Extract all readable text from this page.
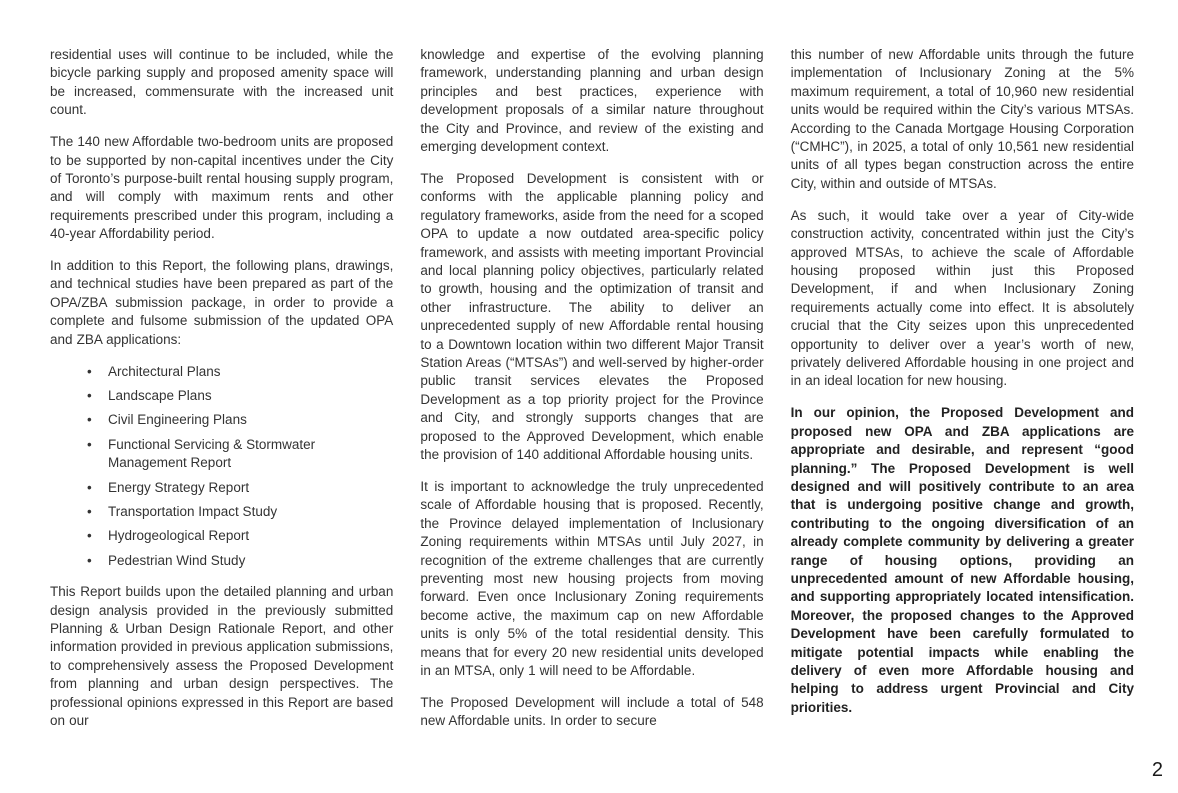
residential uses will continue to be included, while the bicycle parking supply and proposed amenity space will be increased, commensurate with the increased unit count.

The 140 new Affordable two-bedroom units are proposed to be supported by non-capital incentives under the City of Toronto’s purpose-built rental housing supply program, and will comply with maximum rents and other requirements prescribed under this program, including a 40-year Affordability period.

In addition to this Report, the following plans, drawings, and technical studies have been prepared as part of the OPA/ZBA submission package, in order to provide a complete and fulsome submission of the updated OPA and ZBA applications:

• Architectural Plans
• Landscape Plans
• Civil Engineering Plans
• Functional Servicing & Stormwater Management Report
• Energy Strategy Report
• Transportation Impact Study
• Hydrogeological Report
• Pedestrian Wind Study

This Report builds upon the detailed planning and urban design analysis provided in the previously submitted Planning & Urban Design Rationale Report, and other information provided in previous application submissions, to comprehensively assess the Proposed Development from planning and urban design perspectives. The professional opinions expressed in this Report are based on our

knowledge and expertise of the evolving planning framework, understanding planning and urban design principles and best practices, experience with development proposals of a similar nature throughout the City and Province, and review of the existing and emerging development context.

The Proposed Development is consistent with or conforms with the applicable planning policy and regulatory frameworks, aside from the need for a scoped OPA to update a now outdated area-specific policy framework, and assists with meeting important Provincial and local planning policy objectives, particularly related to growth, housing and the optimization of transit and other infrastructure. The ability to deliver an unprecedented supply of new Affordable rental housing to a Downtown location within two different Major Transit Station Areas (“MTSAs”) and well-served by higher-order public transit services elevates the Proposed Development as a top priority project for the Province and City, and strongly supports changes that are proposed to the Approved Development, which enable the provision of 140 additional Affordable housing units.

It is important to acknowledge the truly unprecedented scale of Affordable housing that is proposed. Recently, the Province delayed implementation of Inclusionary Zoning requirements within MTSAs until July 2027, in recognition of the extreme challenges that are currently preventing most new housing projects from moving forward. Even once Inclusionary Zoning requirements become active, the maximum cap on new Affordable units is only 5% of the total residential density. This means that for every 20 new residential units developed in an MTSA, only 1 will need to be Affordable.

The Proposed Development will include a total of 548 new Affordable units. In order to secure

this number of new Affordable units through the future implementation of Inclusionary Zoning at the 5% maximum requirement, a total of 10,960 new residential units would be required within the City’s various MTSAs. According to the Canada Mortgage Housing Corporation (“CMHC”), in 2025, a total of only 10,561 new residential units of all types began construction across the entire City, within and outside of MTSAs.

As such, it would take over a year of City-wide construction activity, concentrated within just the City’s approved MTSAs, to achieve the scale of Affordable housing proposed within just this Proposed Development, if and when Inclusionary Zoning requirements actually come into effect. It is absolutely crucial that the City seizes upon this unprecedented opportunity to deliver over a year’s worth of new, privately delivered Affordable housing in one project and in an ideal location for new housing.

In our opinion, the Proposed Development and proposed new OPA and ZBA applications are appropriate and desirable, and represent “good planning.” The Proposed Development is well designed and will positively contribute to an area that is undergoing positive change and growth, contributing to the ongoing diversification of an already complete community by delivering a greater range of housing options, providing an unprecedented amount of new Affordable housing, and supporting appropriately located intensification. Moreover, the proposed changes to the Approved Development have been carefully formulated to mitigate potential impacts while enabling the delivery of even more Affordable housing and helping to address urgent Provincial and City priorities.

2
